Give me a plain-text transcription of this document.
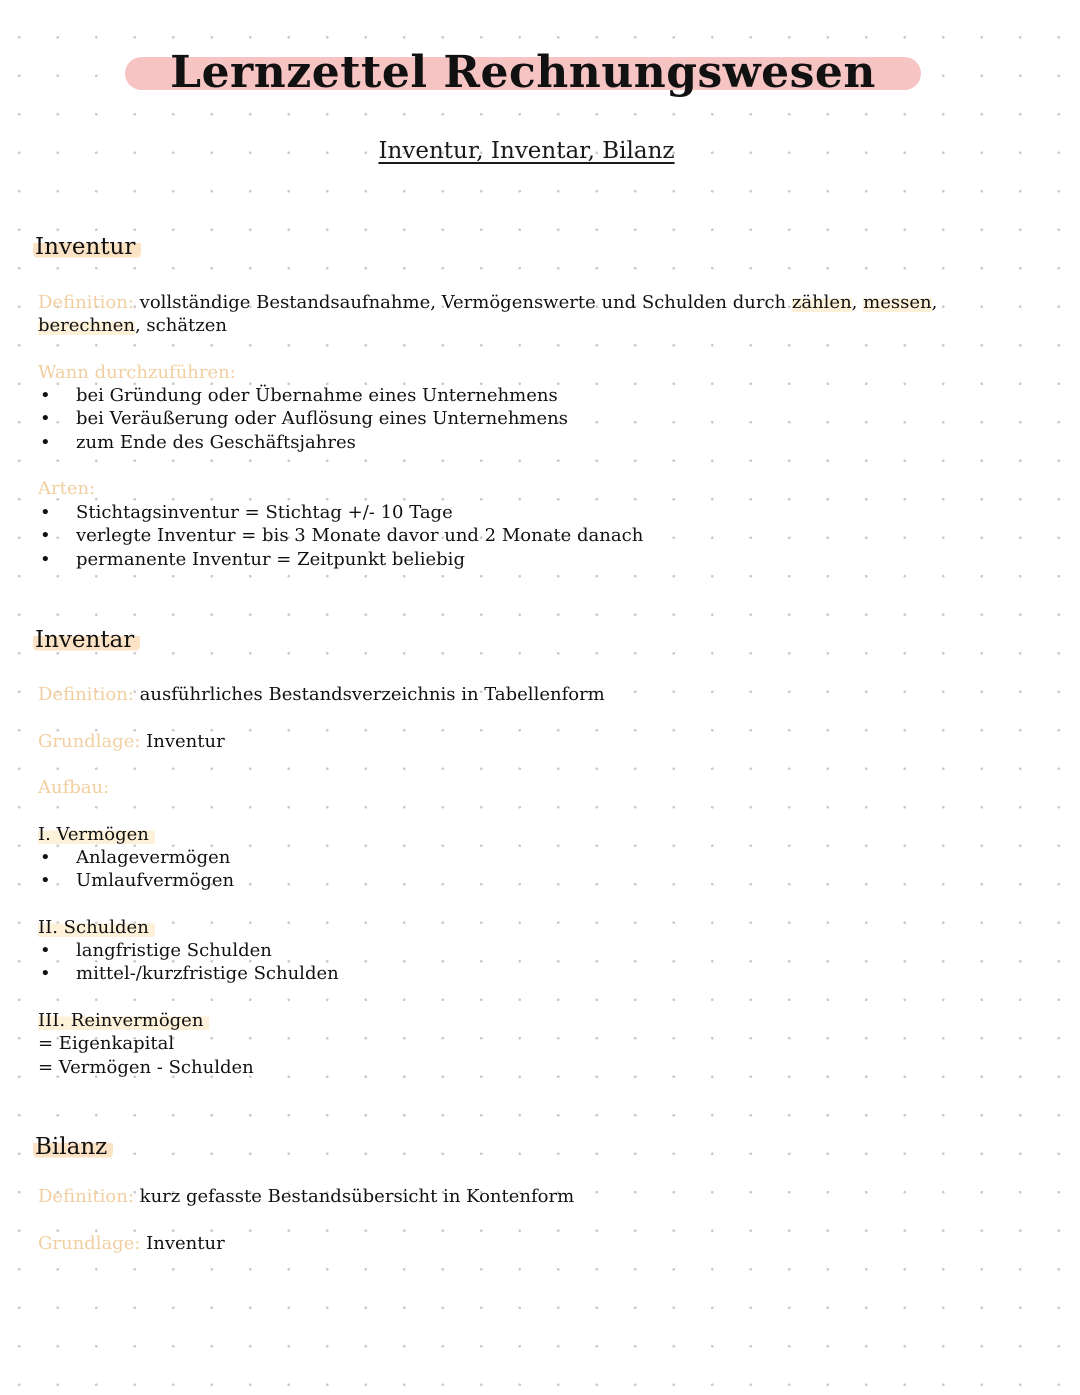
Lernzettel Rechnungswesen
Inventur, Inventar, Bilanz
Inventur
Definition: vollständige Bestandsaufnahme, Vermögenswerte und Schulden durch zählen, messen, berechnen, schätzen
Wann durchzuführen:
• bei Gründung oder Übernahme eines Unternehmens
• bei Veräußerung oder Auflösung eines Unternehmens
• zum Ende des Geschäftsjahres
Arten:
• Stichtagsinventur = Stichtag +/- 10 Tage
• verlegte Inventur = bis 3 Monate davor und 2 Monate danach
• permanente Inventur = Zeitpunkt beliebig
Inventar
Definition: ausführliches Bestandsverzeichnis in Tabellenform
Grundlage: Inventur
Aufbau:
I. Vermögen
• Anlagevermögen
• Umlaufvermögen
II. Schulden
• langfristige Schulden
• mittel-/kurzfristige Schulden
III. Reinvermögen
= Eigenkapital
= Vermögen - Schulden
Bilanz
Definition: kurz gefasste Bestandsübersicht in Kontenform
Grundlage: Inventur
